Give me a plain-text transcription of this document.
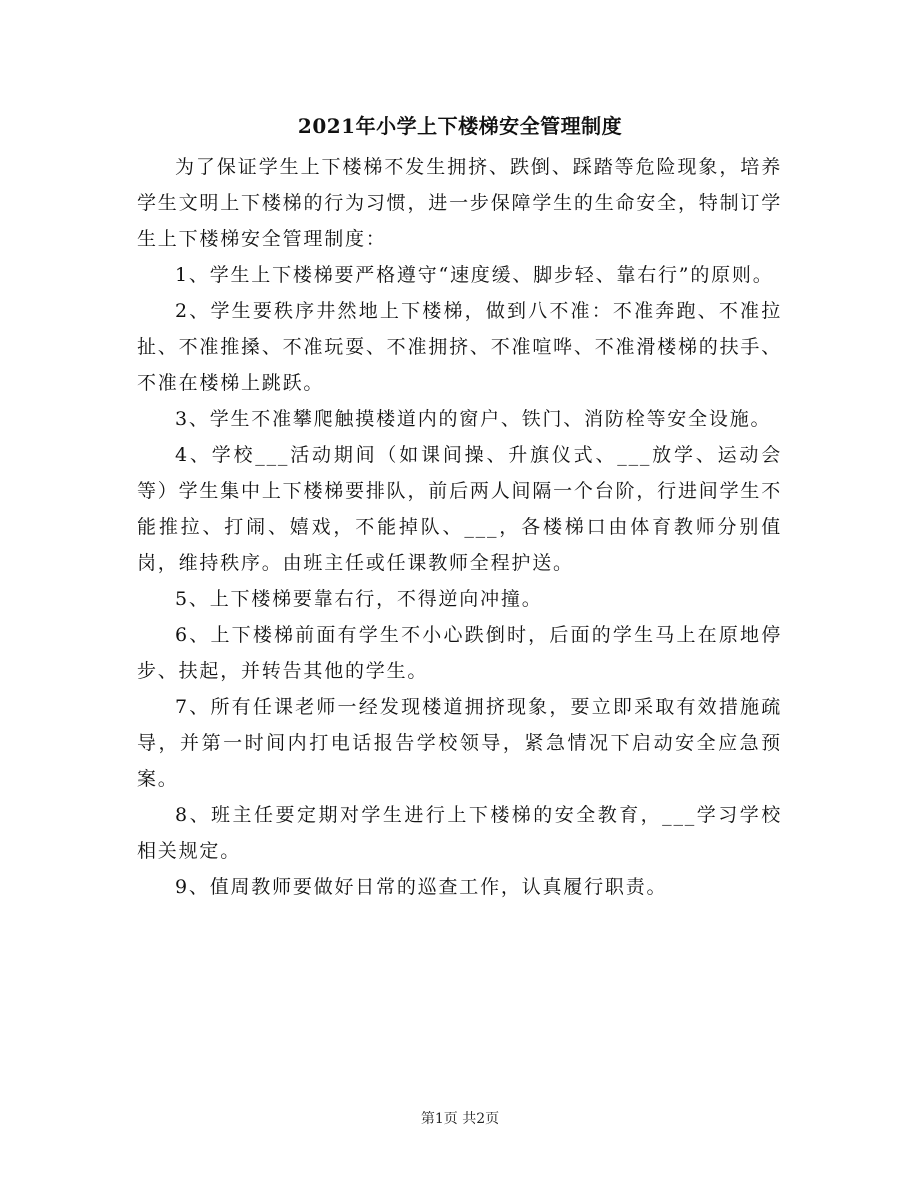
2021年小学上下楼梯安全管理制度

为了保证学生上下楼梯不发生拥挤、跌倒、踩踏等危险现象，培养学生文明上下楼梯的行为习惯，进一步保障学生的生命安全，特制订学生上下楼梯安全管理制度：

1、学生上下楼梯要严格遵守“速度缓、脚步轻、靠右行”的原则。

2、学生要秩序井然地上下楼梯，做到八不准：不准奔跑、不准拉扯、不准推搡、不准玩耍、不准拥挤、不准喧哗、不准滑楼梯的扶手、不准在楼梯上跳跃。

3、学生不准攀爬触摸楼道内的窗户、铁门、消防栓等安全设施。

4、学校___活动期间（如课间操、升旗仪式、___放学、运动会等）学生集中上下楼梯要排队，前后两人间隔一个台阶，行进间学生不能推拉、打闹、嬉戏，不能掉队、___，各楼梯口由体育教师分别值岗，维持秩序。由班主任或任课教师全程护送。

5、上下楼梯要靠右行，不得逆向冲撞。

6、上下楼梯前面有学生不小心跌倒时，后面的学生马上在原地停步、扶起，并转告其他的学生。

7、所有任课老师一经发现楼道拥挤现象，要立即采取有效措施疏导，并第一时间内打电话报告学校领导，紧急情况下启动安全应急预案。

8、班主任要定期对学生进行上下楼梯的安全教育，___学习学校相关规定。

9、值周教师要做好日常的巡查工作，认真履行职责。

第1页 共2页
